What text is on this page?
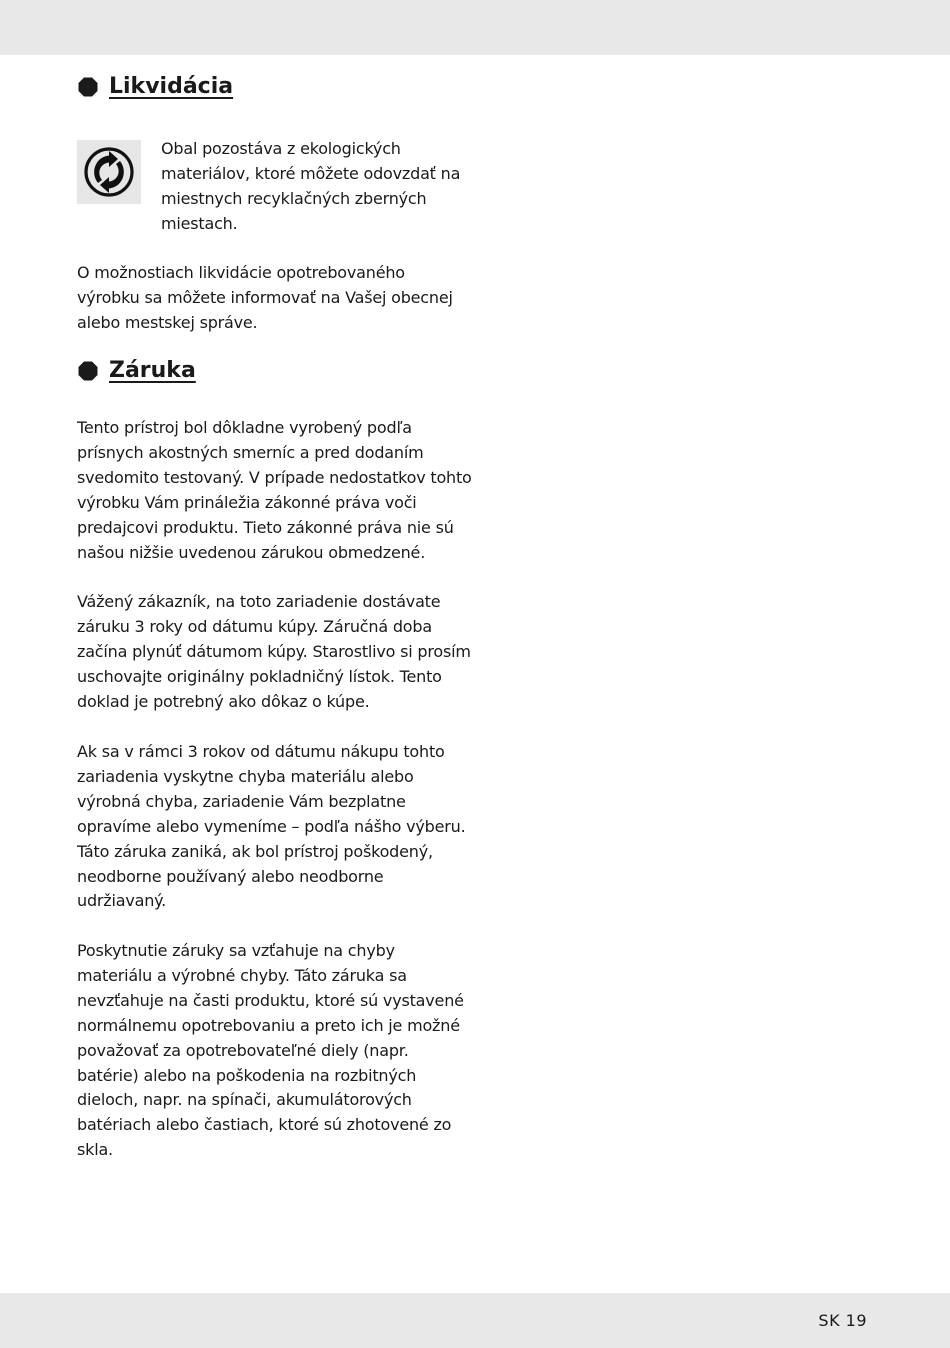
Likvidácia

Obal pozostáva z ekologických materiálov, ktoré môžete odovzdať na miestnych recyklačných zberných miestach.

O možnostiach likvidácie opotrebovaného výrobku sa môžete informovať na Vašej obecnej alebo mestskej správe.

Záruka

Tento prístroj bol dôkladne vyrobený podľa prísnych akostných smerníc a pred dodaním svedomito testovaný. V prípade nedostatkov tohto výrobku Vám prináležia zákonné práva voči predajcovi produktu. Tieto zákonné práva nie sú našou nižšie uvedenou zárukou obmedzené.

Vážený zákazník, na toto zariadenie dostávate záruku 3 roky od dátumu kúpy. Záručná doba začína plynúť dátumom kúpy. Starostlivo si prosím uschovajte originálny pokladničný lístok. Tento doklad je potrebný ako dôkaz o kúpe.

Ak sa v rámci 3 rokov od dátumu nákupu tohto zariadenia vyskytne chyba materiálu alebo výrobná chyba, zariadenie Vám bezplatne opravíme alebo vymeníme – podľa nášho výberu. Táto záruka zaniká, ak bol prístroj poškodený, neodborne používaný alebo neodborne udržiavaný.

Poskytnutie záruky sa vzťahuje na chyby materiálu a výrobné chyby. Táto záruka sa nevzťahuje na časti produktu, ktoré sú vystavené normálnemu opotrebovaniu a preto ich je možné považovať za opotrebovateľné diely (napr. batérie) alebo na poškodenia na rozbitných dieloch, napr. na spínači, akumulátorových batériach alebo častiach, ktoré sú zhotovené zo skla.

SK 19
